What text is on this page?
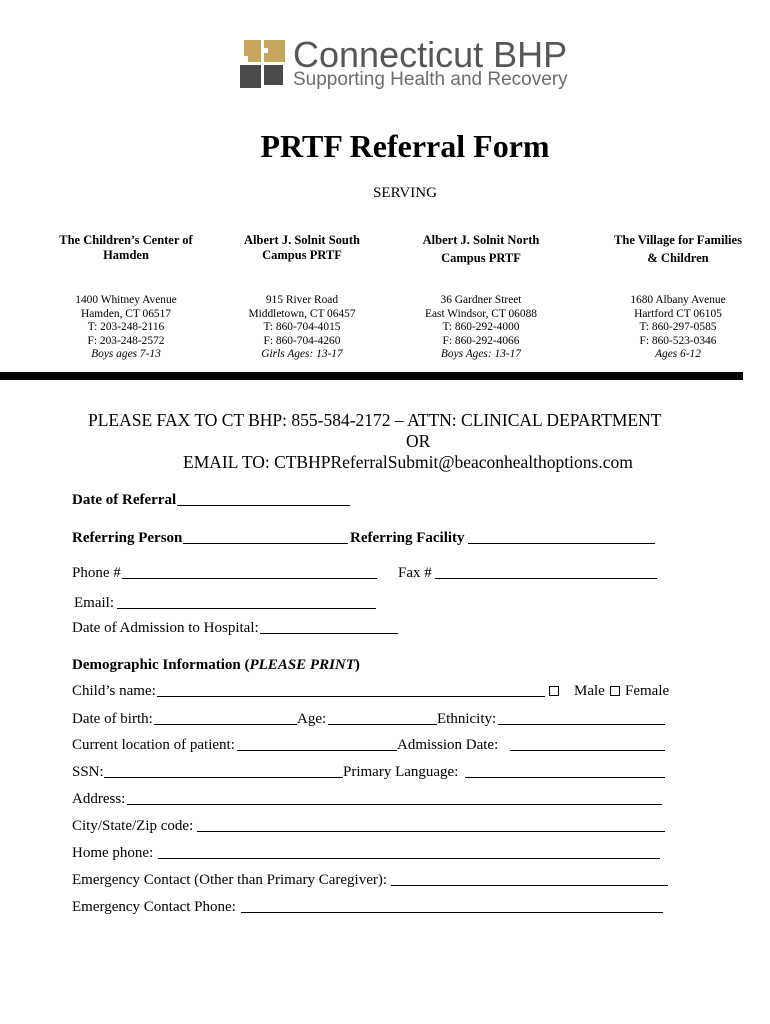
Connecticut BHP
Supporting Health and Recovery
PRTF Referral Form
SERVING
The Children’s Center of
Hamden
1400 Whitney Avenue
Hamden, CT 06517
T: 203-248-2116
F: 203-248-2572
Boys ages 7-13
Albert J. Solnit South
Campus PRTF
915 River Road
Middletown, CT 06457
T: 860-704-4015
F: 860-704-4260
Girls Ages: 13-17
Albert J. Solnit North
Campus PRTF
36 Gardner Street
East Windsor, CT 06088
T: 860-292-4000
F: 860-292-4066
Boys Ages: 13-17
The Village for Families
& Children
1680 Albany Avenue
Hartford CT 06105
T: 860-297-0585
F: 860-523-0346
Ages 6-12
PLEASE FAX TO CT BHP: 855-584-2172 – ATTN: CLINICAL DEPARTMENT
OR
EMAIL TO: CTBHPReferralSubmit@beaconhealthoptions.com
Date of Referral
Referring Person	Referring Facility
Phone #	Fax #
Email:
Date of Admission to Hospital:
Demographic Information (PLEASE PRINT)
Child’s name:	Male Female
Date of birth:	Age:	Ethnicity:
Current location of patient:	Admission Date:
SSN:	Primary Language:
Address:
City/State/Zip code:
Home phone:
Emergency Contact (Other than Primary Caregiver):
Emergency Contact Phone:
